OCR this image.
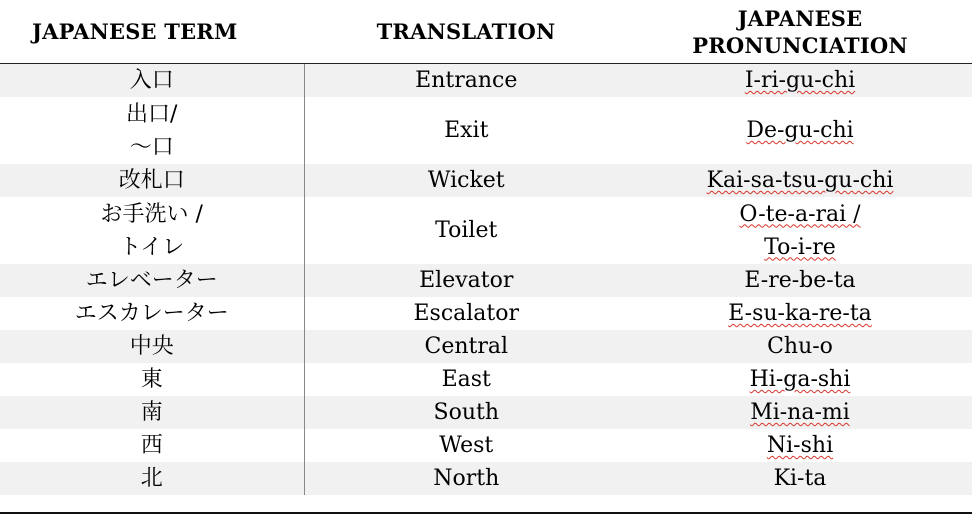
JAPANESE TERM	TRANSLATION	JAPANESE
PRONUNCIATION
入口	Entrance	I-ri-gu-chi
出口/
〜口	Exit	De-gu-chi
改札口	Wicket	Kai-sa-tsu-gu-chi
お手洗い /
トイレ	Toilet	O-te-a-rai /
To-i-re
エレベーター	Elevator	E-re-be-ta
エスカレーター	Escalator	E-su-ka-re-ta
中央	Central	Chu-o
東	East	Hi-ga-shi
南	South	Mi-na-mi
西	West	Ni-shi
北	North	Ki-ta
